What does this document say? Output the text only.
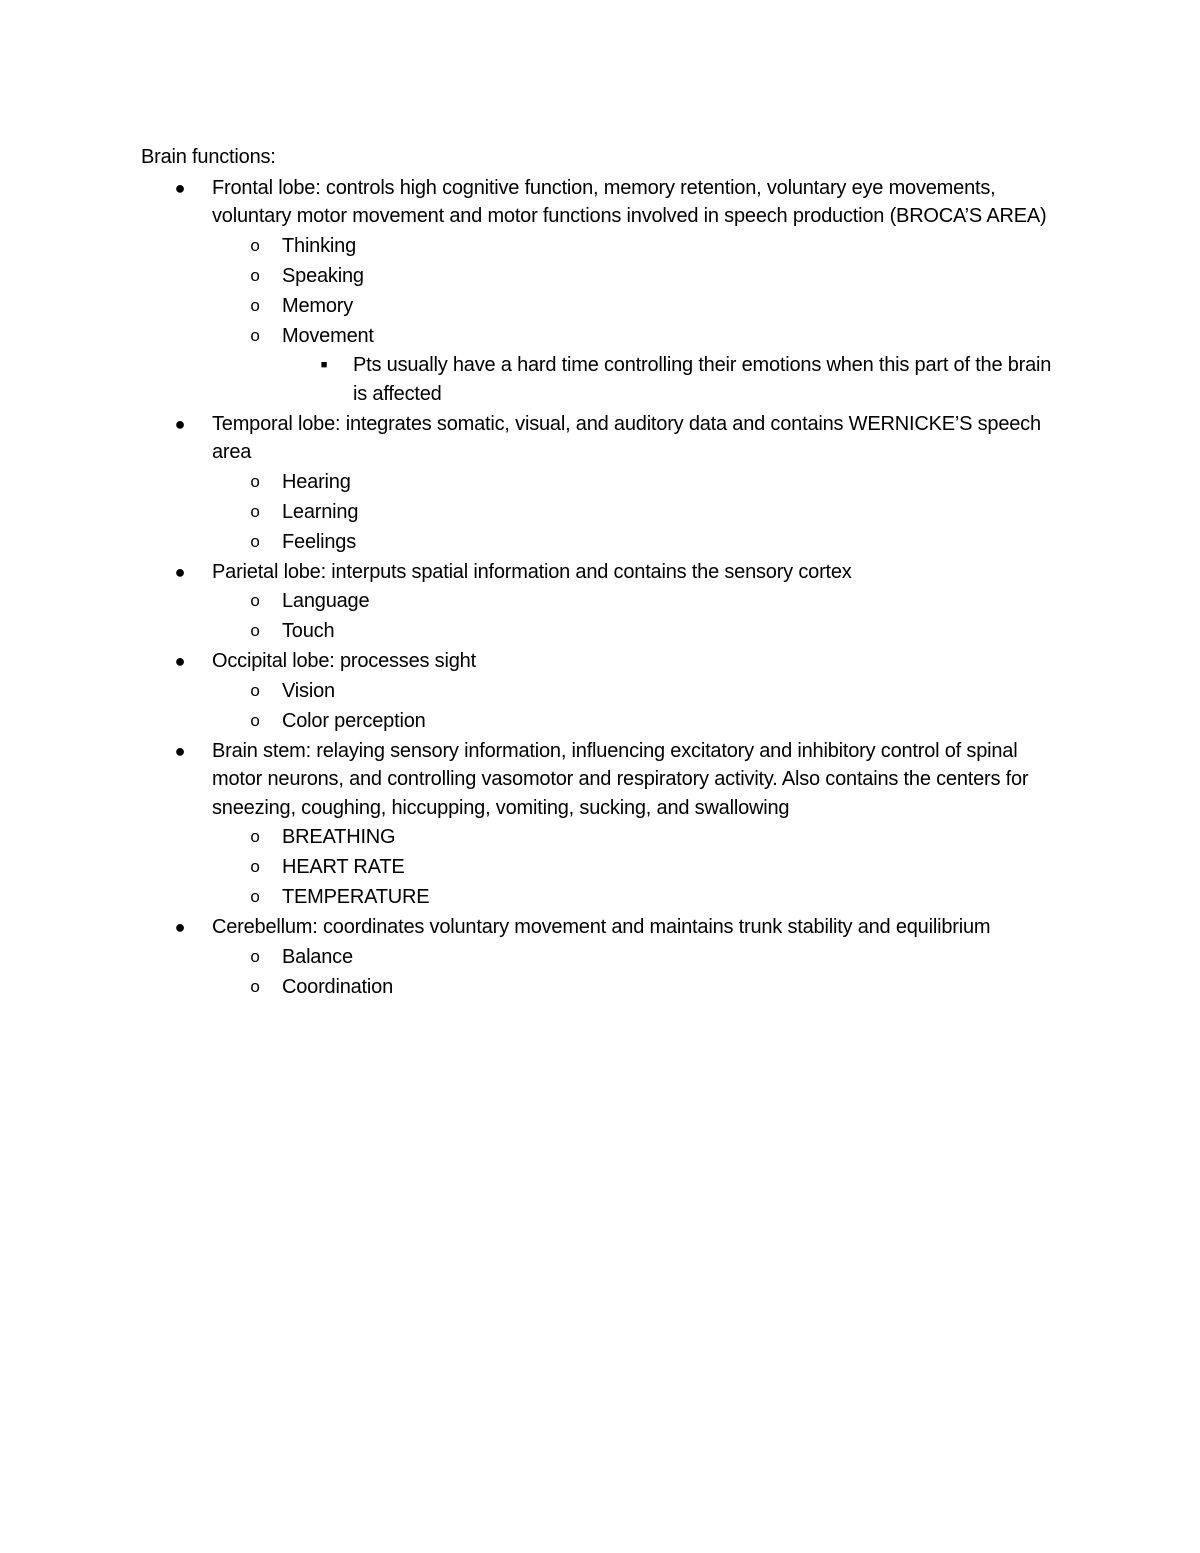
Brain functions:
● Frontal lobe: controls high cognitive function, memory retention, voluntary eye movements, voluntary motor movement and motor functions involved in speech production (BROCA’S AREA)
o Thinking
o Speaking
o Memory
o Movement
■ Pts usually have a hard time controlling their emotions when this part of the brain is affected
● Temporal lobe: integrates somatic, visual, and auditory data and contains WERNICKE’S speech area
o Hearing
o Learning
o Feelings
● Parietal lobe: interputs spatial information and contains the sensory cortex
o Language
o Touch
● Occipital lobe: processes sight
o Vision
o Color perception
● Brain stem: relaying sensory information, influencing excitatory and inhibitory control of spinal motor neurons, and controlling vasomotor and respiratory activity. Also contains the centers for sneezing, coughing, hiccupping, vomiting, sucking, and swallowing
o BREATHING
o HEART RATE
o TEMPERATURE
● Cerebellum: coordinates voluntary movement and maintains trunk stability and equilibrium
o Balance
o Coordination
